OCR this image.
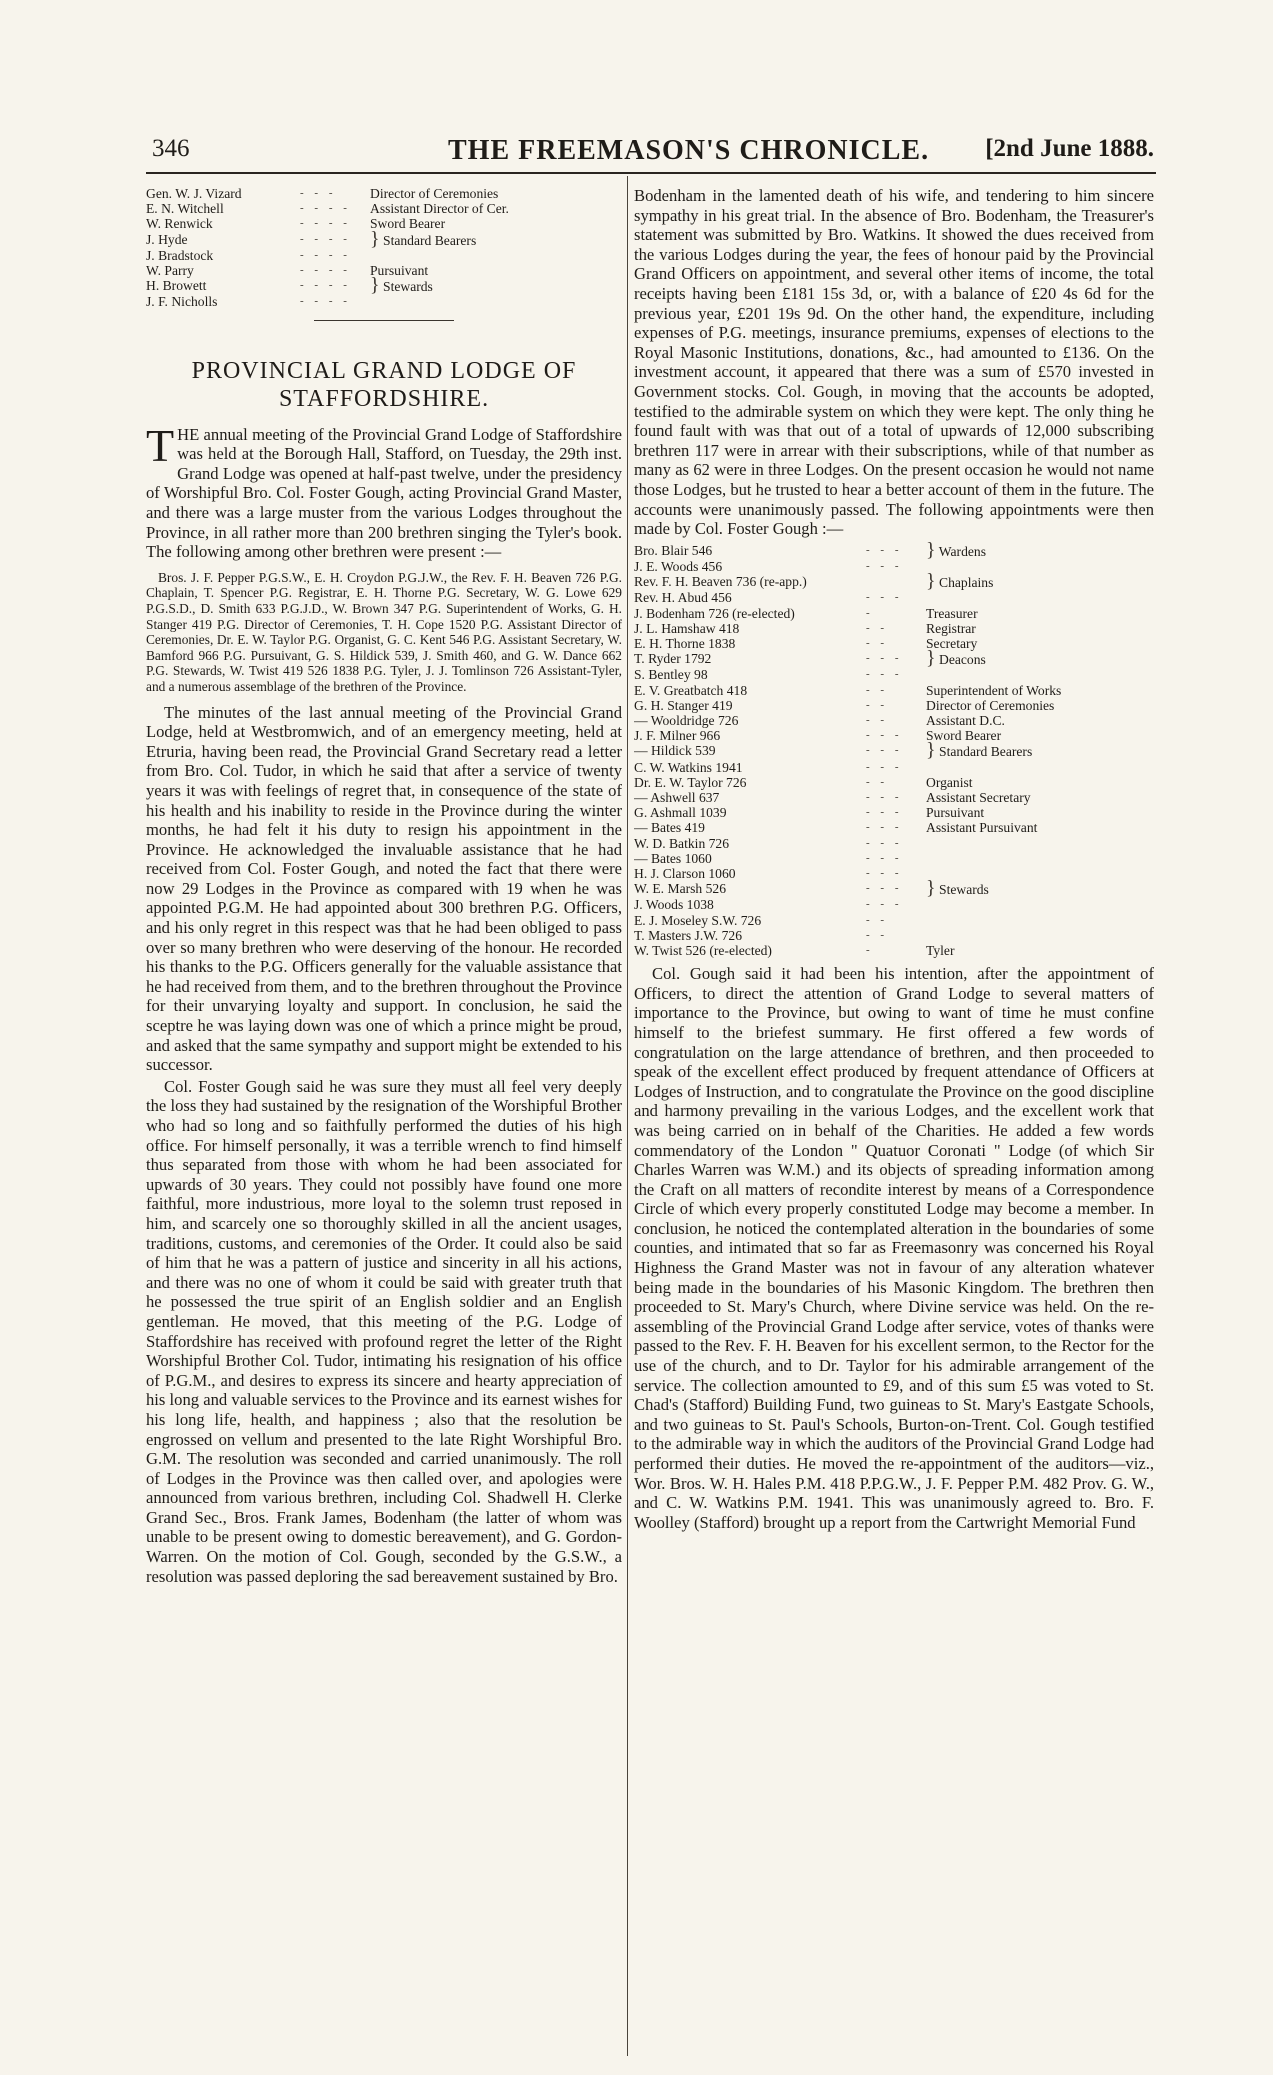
346	THE FREEMASON'S CHRONICLE. [2nd June 1888.
Gen. W. J. Vizard	- - -	Director of Ceremonies
E. N. Witchell	- - - -	Assistant Director of Cer.
W. Renwick	- - - -	Sword Bearer
J. Hyde	- - - -	} Standard Bearers
J. Bradstock	- - - -	
W. Parry	- - - -	Pursuivant
H. Browett	- - - -	} Stewards
J. F. Nicholls	- - - -	
PROVINCIAL GRAND LODGE OF
STAFFORDSHIRE.

THE annual meeting of the Provincial Grand Lodge of Staffordshire was held at the Borough Hall, Stafford, on Tuesday, the 29th inst. Grand Lodge was opened at half-past twelve, under the presidency of Worshipful Bro. Col. Foster Gough, acting Provincial Grand Master, and there was a large muster from the various Lodges throughout the Province, in all rather more than 200 brethren singing the Tyler's book. The following among other brethren were present :—

Bros. J. F. Pepper P.G.S.W., E. H. Croydon P.G.J.W., the Rev. F. H. Beaven 726 P.G. Chaplain, T. Spencer P.G. Registrar, E. H. Thorne P.G. Secretary, W. G. Lowe 629 P.G.S.D., D. Smith 633 P.G.J.D., W. Brown 347 P.G. Superintendent of Works, G. H. Stanger 419 P.G. Director of Ceremonies, T. H. Cope 1520 P.G. Assistant Director of Ceremonies, Dr. E. W. Taylor P.G. Organist, G. C. Kent 546 P.G. Assistant Secretary, W. Bamford 966 P.G. Pursuivant, G. S. Hildick 539, J. Smith 460, and G. W. Dance 662 P.G. Stewards, W. Twist 419 526 1838 P.G. Tyler, J. J. Tomlinson 726 Assistant-Tyler, and a numerous assemblage of the brethren of the Province.

The minutes of the last annual meeting of the Provincial Grand Lodge, held at Westbromwich, and of an emergency meeting, held at Etruria, having been read, the Provincial Grand Secretary read a letter from Bro. Col. Tudor, in which he said that after a service of twenty years it was with feelings of regret that, in consequence of the state of his health and his inability to reside in the Province during the winter months, he had felt it his duty to resign his appointment in the Province. He acknowledged the invaluable assistance that he had received from Col. Foster Gough, and noted the fact that there were now 29 Lodges in the Province as compared with 19 when he was appointed P.G.M. He had appointed about 300 brethren P.G. Officers, and his only regret in this respect was that he had been obliged to pass over so many brethren who were deserving of the honour. He recorded his thanks to the P.G. Officers generally for the valuable assistance that he had received from them, and to the brethren throughout the Province for their unvarying loyalty and support. In conclusion, he said the sceptre he was laying down was one of which a prince might be proud, and asked that the same sympathy and support might be extended to his successor.

Col. Foster Gough said he was sure they must all feel very deeply the loss they had sustained by the resignation of the Worshipful Brother who had so long and so faithfully performed the duties of his high office. For himself personally, it was a terrible wrench to find himself thus separated from those with whom he had been associated for upwards of 30 years. They could not possibly have found one more faithful, more industrious, more loyal to the solemn trust reposed in him, and scarcely one so thoroughly skilled in all the ancient usages, traditions, customs, and ceremonies of the Order. It could also be said of him that he was a pattern of justice and sincerity in all his actions, and there was no one of whom it could be said with greater truth that he possessed the true spirit of an English soldier and an English gentleman. He moved, that this meeting of the P.G. Lodge of Staffordshire has received with profound regret the letter of the Right Worshipful Brother Col. Tudor, intimating his resignation of his office of P.G.M., and desires to express its sincere and hearty appreciation of his long and valuable services to the Province and its earnest wishes for his long life, health, and happiness ; also that the resolution be engrossed on vellum and presented to the late Right Worshipful Bro. G.M. The resolution was seconded and carried unanimously. The roll of Lodges in the Province was then called over, and apologies were announced from various brethren, including Col. Shadwell H. Clerke Grand Sec., Bros. Frank James, Bodenham (the latter of whom was unable to be present owing to domestic bereavement), and G. Gordon-Warren. On the motion of Col. Gough, seconded by the G.S.W., a resolution was passed deploring the sad bereavement sustained by Bro.

Bodenham in the lamented death of his wife, and tendering to him sincere sympathy in his great trial. In the absence of Bro. Bodenham, the Treasurer's statement was submitted by Bro. Watkins. It showed the dues received from the various Lodges during the year, the fees of honour paid by the Provincial Grand Officers on appointment, and several other items of income, the total receipts having been £181 15s 3d, or, with a balance of £20 4s 6d for the previous year, £201 19s 9d. On the other hand, the expenditure, including expenses of P.G. meetings, insurance premiums, expenses of elections to the Royal Masonic Institutions, donations, &c., had amounted to £136. On the investment account, it appeared that there was a sum of £570 invested in Government stocks. Col. Gough, in moving that the accounts be adopted, testified to the admirable system on which they were kept. The only thing he found fault with was that out of a total of upwards of 12,000 subscribing brethren 117 were in arrear with their subscriptions, while of that number as many as 62 were in three Lodges. On the present occasion he would not name those Lodges, but he trusted to hear a better account of them in the future. The accounts were unanimously passed. The following appointments were then made by Col. Foster Gough :—

Bro. Blair 546	- - -	} Wardens
J. E. Woods 456	- - -	
Rev. F. H. Beaven 736 (re-app.)		} Chaplains
Rev. H. Abud 456	- - -	
J. Bodenham 726 (re-elected)	-	Treasurer
J. L. Hamshaw 418	- -	Registrar
E. H. Thorne 1838	- -	Secretary
T. Ryder 1792	- - -	} Deacons
S. Bentley 98	- - -	
E. V. Greatbatch 418	- -	Superintendent of Works
G. H. Stanger 419	- -	Director of Ceremonies
— Wooldridge 726	- -	Assistant D.C.
J. F. Milner 966	- - -	Sword Bearer
— Hildick 539	- - -	} Standard Bearers
C. W. Watkins 1941	- - -	
Dr. E. W. Taylor 726	- -	Organist
— Ashwell 637	- - -	Assistant Secretary
G. Ashmall 1039	- - -	Pursuivant
— Bates 419	- - -	Assistant Pursuivant
W. D. Batkin 726	- - -	
— Bates 1060	- - -	
H. J. Clarson 1060	- - -	
W. E. Marsh 526	- - -	} Stewards
J. Woods 1038	- - -	
E. J. Moseley S.W. 726	- -	
T. Masters J.W. 726	- -	
W. Twist 526 (re-elected)	-	Tyler

Col. Gough said it had been his intention, after the appointment of Officers, to direct the attention of Grand Lodge to several matters of importance to the Province, but owing to want of time he must confine himself to the briefest summary. He first offered a few words of congratulation on the large attendance of brethren, and then proceeded to speak of the excellent effect produced by frequent attendance of Officers at Lodges of Instruction, and to congratulate the Province on the good discipline and harmony prevailing in the various Lodges, and the excellent work that was being carried on in behalf of the Charities. He added a few words commendatory of the London " Quatuor Coronati " Lodge (of which Sir Charles Warren was W.M.) and its objects of spreading information among the Craft on all matters of recondite interest by means of a Correspondence Circle of which every properly constituted Lodge may become a member. In conclusion, he noticed the contemplated alteration in the boundaries of some counties, and intimated that so far as Freemasonry was concerned his Royal Highness the Grand Master was not in favour of any alteration whatever being made in the boundaries of his Masonic Kingdom. The brethren then proceeded to St. Mary's Church, where Divine service was held. On the re-assembling of the Provincial Grand Lodge after service, votes of thanks were passed to the Rev. F. H. Beaven for his excellent sermon, to the Rector for the use of the church, and to Dr. Taylor for his admirable arrangement of the service. The collection amounted to £9, and of this sum £5 was voted to St. Chad's (Stafford) Building Fund, two guineas to St. Mary's Eastgate Schools, and two guineas to St. Paul's Schools, Burton-on-Trent. Col. Gough testified to the admirable way in which the auditors of the Provincial Grand Lodge had performed their duties. He moved the re-appointment of the auditors—viz., Wor. Bros. W. H. Hales P.M. 418 P.P.G.W., J. F. Pepper P.M. 482 Prov. G. W., and C. W. Watkins P.M. 1941. This was unanimously agreed to. Bro. F. Woolley (Stafford) brought up a report from the Cartwright Memorial Fund
